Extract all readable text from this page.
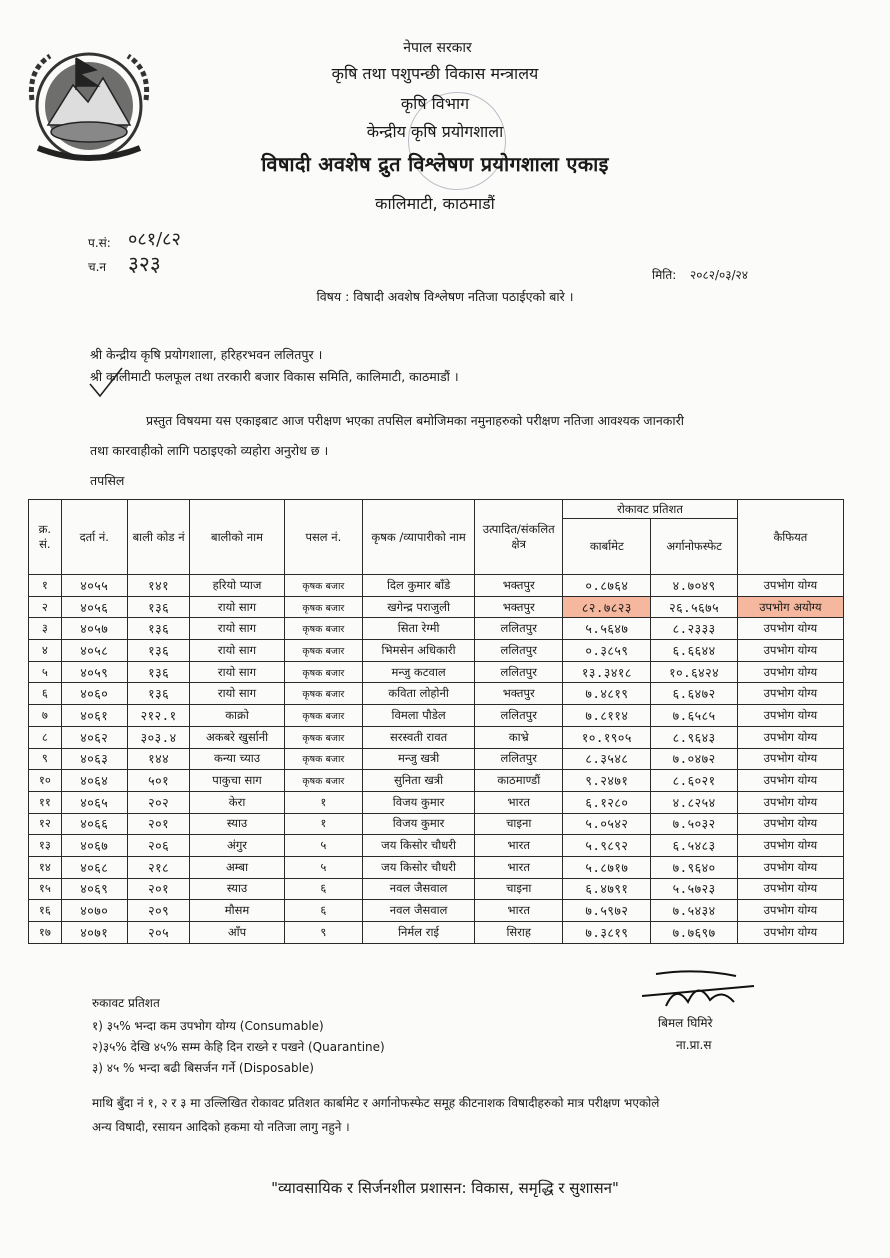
नेपाल सरकार
कृषि तथा पशुपन्छी विकास मन्त्रालय
कृषि विभाग
केन्द्रीय कृषि प्रयोगशाला
विषादी अवशेष द्रुत विश्लेषण प्रयोगशाला एकाइ
कालिमाटी, काठमाडौं
प.सं: ०८१/८२
च.न ३२३	मिति: २०८२/०३/२४
विषय : विषादी अवशेष विश्लेषण नतिजा पठाईएको बारे ।
श्री केन्द्रीय कृषि प्रयोगशाला, हरिहरभवन ललितपुर ।
श्री कालीमाटी फलफूल तथा तरकारी बजार विकास समिति, कालिमाटी, काठमाडौं ।
प्रस्तुत विषयमा यस एकाइबाट आज परीक्षण भएका तपसिल बमोजिमका नमुनाहरुको परीक्षण नतिजा आवश्यक जानकारी
तथा कारवाहीको लागि पठाइएको व्यहोरा अनुरोध छ ।
तपसिल
क्र. सं.	दर्ता नं.	बाली कोड नं	बालीको नाम	पसल नं.	कृषक /व्यापारीको नाम	उत्पादित/संकलित क्षेत्र	रोकावट प्रतिशत		कैफियत
							कार्बामेट	अर्गानोफस्फेट	
१	४०५५	१४१	हरियो प्याज	कृषक बजार	दिल कुमार बाँडे	भक्तपुर	०.८७६४	४.७०४९	उपभोग योग्य
२	४०५६	१३६	रायो साग	कृषक बजार	खगेन्द्र पराजुली	भक्तपुर	८२.७८२३	२६.५६७५	उपभोग अयोग्य
३	४०५७	१३६	रायो साग	कृषक बजार	सिता रेग्मी	ललितपुर	५.५६४७	८.२३३३	उपभोग योग्य
४	४०५८	१३६	रायो साग	कृषक बजार	भिमसेन अधिकारी	ललितपुर	०.३८५९	६.६६४४	उपभोग योग्य
५	४०५९	१३६	रायो साग	कृषक बजार	मन्जु कटवाल	ललितपुर	१३.३४१८	१०.६४२४	उपभोग योग्य
६	४०६०	१३६	रायो साग	कृषक बजार	कविता लोहोनी	भक्तपुर	७.४८१९	६.६४७२	उपभोग योग्य
७	४०६१	२१२.१	काक्रो	कृषक बजार	विमला पौडेल	ललितपुर	७.८११४	७.६५८५	उपभोग योग्य
८	४०६२	३०३.४	अकबरे खुर्सानी	कृषक बजार	सरस्वती रावत	काभ्रे	१०.१९०५	८.९६४३	उपभोग योग्य
९	४०६३	१४४	कन्या च्याउ	कृषक बजार	मन्जु खत्री	ललितपुर	८.३५४८	७.०४७२	उपभोग योग्य
१०	४०६४	५०१	पाकुचा साग	कृषक बजार	सुनिता खत्री	काठमाण्डौं	९.२४७१	८.६०२१	उपभोग योग्य
११	४०६५	२०२	केरा	१	विजय कुमार	भारत	६.१२८०	४.८२५४	उपभोग योग्य
१२	४०६६	२०१	स्याउ	१	विजय कुमार	चाइना	५.०५४२	७.५०३२	उपभोग योग्य
१३	४०६७	२०६	अंगुर	५	जय किसोर चौधरी	भारत	५.९८९२	६.५४८३	उपभोग योग्य
१४	४०६८	२१८	अम्बा	५	जय किसोर चौधरी	भारत	५.८७१७	७.९६४०	उपभोग योग्य
१५	४०६९	२०१	स्याउ	६	नवल जैसवाल	चाइना	६.४७९१	५.५७२३	उपभोग योग्य
१६	४०७०	२०९	मौसम	६	नवल जैसवाल	भारत	७.५९७२	७.५४३४	उपभोग योग्य
१७	४०७१	२०५	आँप	९	निर्मल राई	सिराह	७.३८१९	७.७६९७	उपभोग योग्य
रुकावट प्रतिशत
१) ३५% भन्दा कम उपभोग योग्य (Consumable)
२)३५% देखि ४५% सम्म केहि दिन राख्ने र पखने (Quarantine)
३) ४५ % भन्दा बढी बिसर्जन गर्ने (Disposable)
बिमल घिमिरे
ना.प्रा.स
माथि बुँदा नं १, २ र ३ मा उल्लिखित रोकावट प्रतिशत कार्बामेट र अर्गानोफस्फेट समूह कीटनाशक विषादीहरुको मात्र परीक्षण भएकोले
अन्य विषादी, रसायन आदिको हकमा यो नतिजा लागु नहुने ।
"व्यावसायिक र सिर्जनशील प्रशासन: विकास, समृद्धि र सुशासन"
